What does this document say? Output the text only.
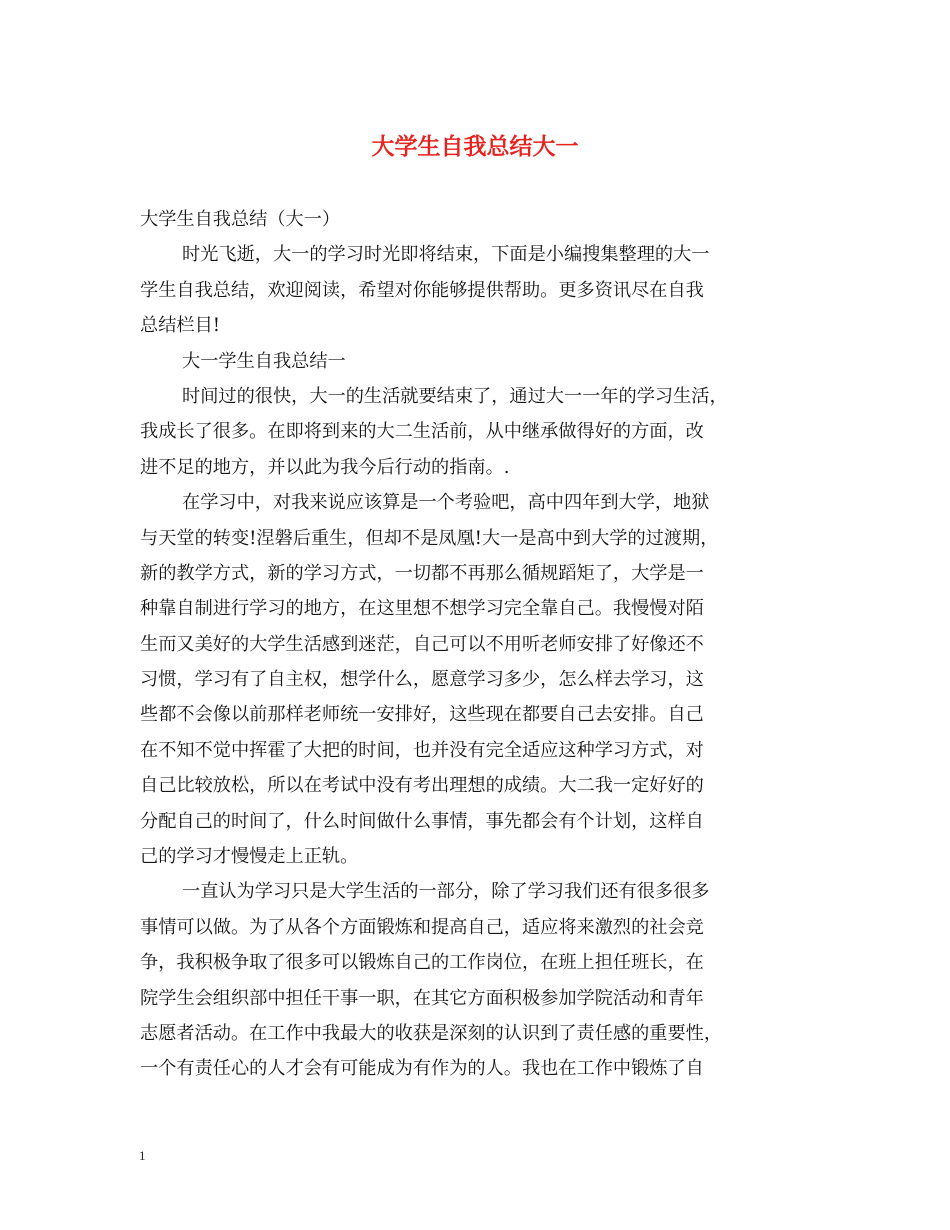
大学生自我总结大一
大学生自我总结（大一）
时光飞逝，大一的学习时光即将结束，下面是小编搜集整理的大一
学生自我总结，欢迎阅读，希望对你能够提供帮助。更多资讯尽在自我
总结栏目!
大一学生自我总结一
时间过的很快，大一的生活就要结束了，通过大一一年的学习生活，
我成长了很多。在即将到来的大二生活前，从中继承做得好的方面，改
进不足的地方，并以此为我今后行动的指南。.
在学习中，对我来说应该算是一个考验吧，高中四年到大学，地狱
与天堂的转变!涅磐后重生，但却不是凤凰!大一是高中到大学的过渡期，
新的教学方式，新的学习方式，一切都不再那么循规蹈矩了，大学是一
种靠自制进行学习的地方，在这里想不想学习完全靠自己。我慢慢对陌
生而又美好的大学生活感到迷茫，自己可以不用听老师安排了好像还不
习惯，学习有了自主权，想学什么，愿意学习多少，怎么样去学习，这
些都不会像以前那样老师统一安排好，这些现在都要自己去安排。自己
在不知不觉中挥霍了大把的时间，也并没有完全适应这种学习方式，对
自己比较放松，所以在考试中没有考出理想的成绩。大二我一定好好的
分配自己的时间了，什么时间做什么事情，事先都会有个计划，这样自
己的学习才慢慢走上正轨。
一直认为学习只是大学生活的一部分，除了学习我们还有很多很多
事情可以做。为了从各个方面锻炼和提高自己，适应将来激烈的社会竞
争，我积极争取了很多可以锻炼自己的工作岗位，在班上担任班长，在
院学生会组织部中担任干事一职，在其它方面积极参加学院活动和青年
志愿者活动。在工作中我最大的收获是深刻的认识到了责任感的重要性，
一个有责任心的人才会有可能成为有作为的人。我也在工作中锻炼了自
1
